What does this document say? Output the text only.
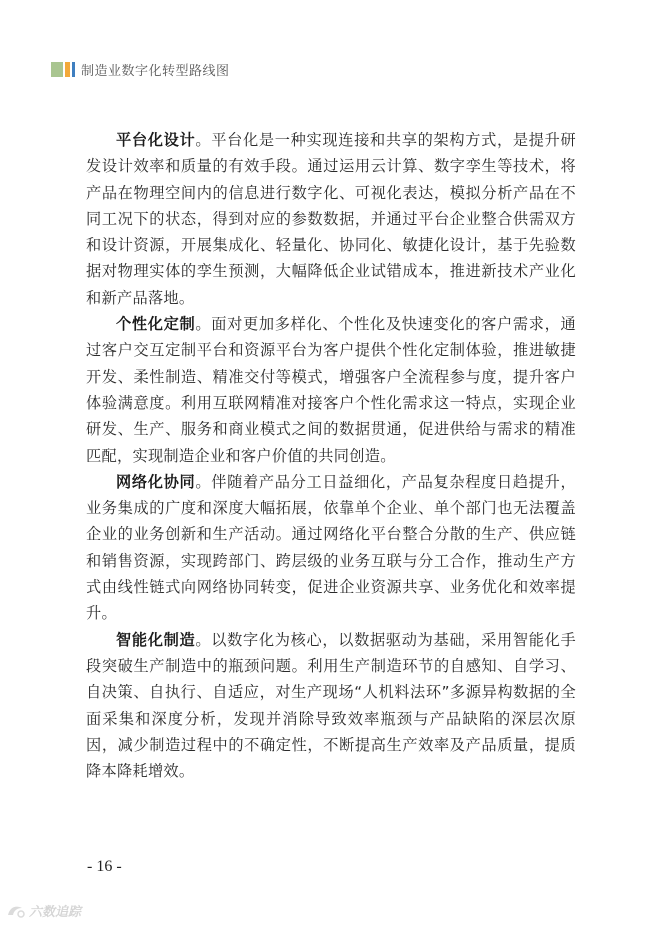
制造业数字化转型路线图

平台化设计。平台化是一种实现连接和共享的架构方式，是提升研发设计效率和质量的有效手段。通过运用云计算、数字孪生等技术，将产品在物理空间内的信息进行数字化、可视化表达，模拟分析产品在不同工况下的状态，得到对应的参数数据，并通过平台企业整合供需双方和设计资源，开展集成化、轻量化、协同化、敏捷化设计，基于先验数据对物理实体的孪生预测，大幅降低企业试错成本，推进新技术产业化和新产品落地。

个性化定制。面对更加多样化、个性化及快速变化的客户需求，通过客户交互定制平台和资源平台为客户提供个性化定制体验，推进敏捷开发、柔性制造、精准交付等模式，增强客户全流程参与度，提升客户体验满意度。利用互联网精准对接客户个性化需求这一特点，实现企业研发、生产、服务和商业模式之间的数据贯通，促进供给与需求的精准匹配，实现制造企业和客户价值的共同创造。

网络化协同。伴随着产品分工日益细化，产品复杂程度日趋提升，业务集成的广度和深度大幅拓展，依靠单个企业、单个部门也无法覆盖企业的业务创新和生产活动。通过网络化平台整合分散的生产、供应链和销售资源，实现跨部门、跨层级的业务互联与分工合作，推动生产方式由线性链式向网络协同转变，促进企业资源共享、业务优化和效率提升。

智能化制造。以数字化为核心，以数据驱动为基础，采用智能化手段突破生产制造中的瓶颈问题。利用生产制造环节的自感知、自学习、自决策、自执行、自适应，对生产现场“人机料法环”多源异构数据的全面采集和深度分析，发现并消除导致效率瓶颈与产品缺陷的深层次原因，减少制造过程中的不确定性，不断提高生产效率及产品质量，提质降本降耗增效。

- 16 -
六数追踪
